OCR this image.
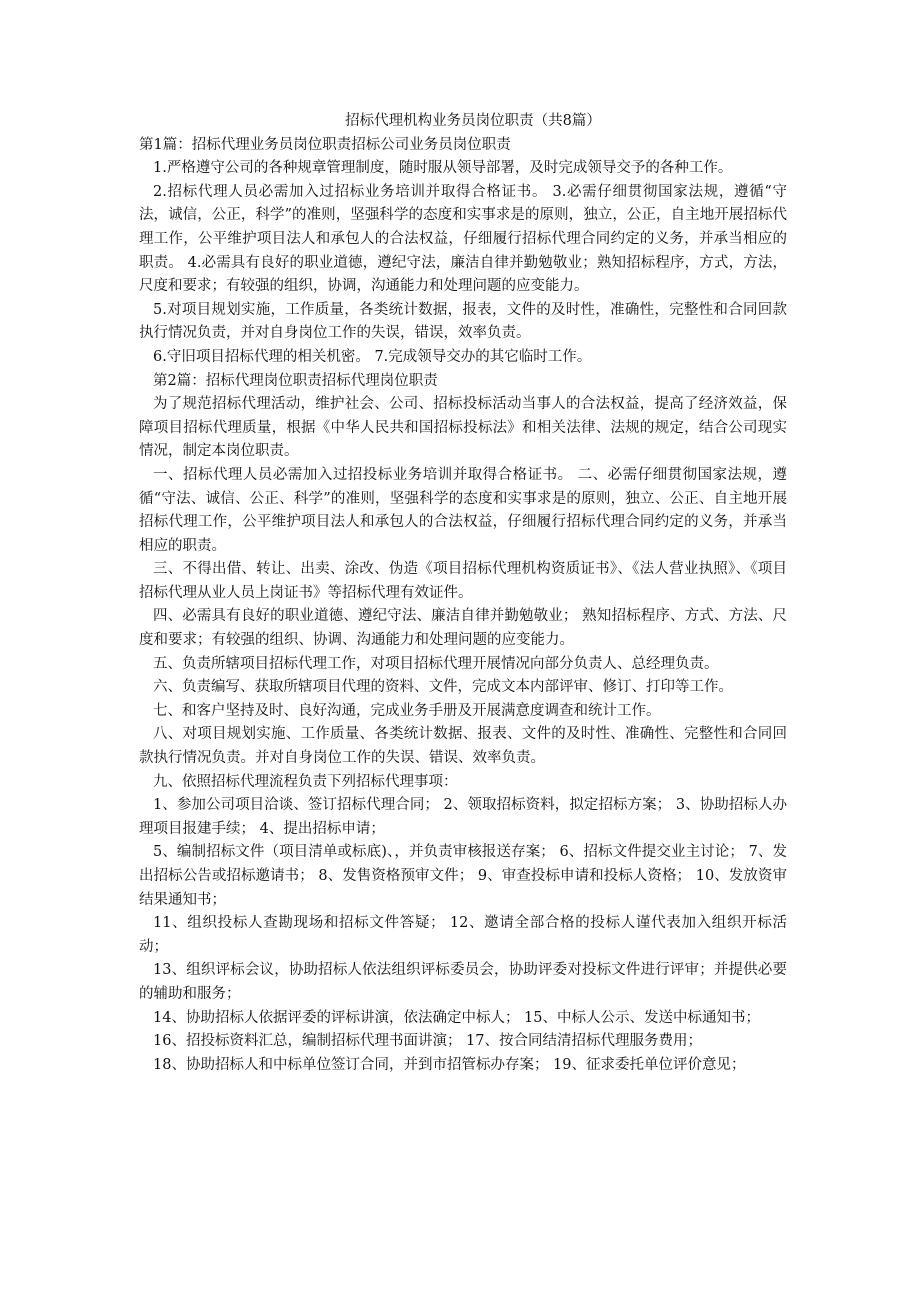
招标代理机构业务员岗位职责（共8篇）

第1篇：招标代理业务员岗位职责招标公司业务员岗位职责

1.严格遵守公司的各种规章管理制度，随时服从领导部署，及时完成领导交予的各种工作。

2.招标代理人员必需加入过招标业务培训并取得合格证书。 3.必需仔细贯彻国家法规，遵循“守法，诚信，公正，科学”的准则，坚强科学的态度和实事求是的原则，独立，公正，自主地开展招标代理工作，公平维护项目法人和承包人的合法权益，仔细履行招标代理合同约定的义务，并承当相应的职责。 4.必需具有良好的职业道德，遵纪守法，廉洁自律并勤勉敬业；熟知招标程序，方式，方法，尺度和要求；有较强的组织，协调，沟通能力和处理问题的应变能力。

5.对项目规划实施，工作质量，各类统计数据，报表，文件的及时性，准确性，完整性和合同回款执行情况负责，并对自身岗位工作的失误，错误，效率负责。

6.守旧项目招标代理的相关机密。 7.完成领导交办的其它临时工作。

第2篇：招标代理岗位职责招标代理岗位职责

为了规范招标代理活动，维护社会、公司、招标投标活动当事人的合法权益，提高了经济效益，保障项目招标代理质量，根据《中华人民共和国招标投标法》和相关法律、法规的规定，结合公司现实情况，制定本岗位职责。

一、招标代理人员必需加入过招投标业务培训并取得合格证书。 二、必需仔细贯彻国家法规，遵循“守法、诚信、公正、科学”的准则，坚强科学的态度和实事求是的原则，独立、公正、自主地开展招标代理工作，公平维护项目法人和承包人的合法权益，仔细履行招标代理合同约定的义务，并承当相应的职责。

三、不得出借、转让、出卖、涂改、伪造《项目招标代理机构资质证书》、《法人营业执照》、《项目招标代理从业人员上岗证书》等招标代理有效证件。

四、必需具有良好的职业道德、遵纪守法、廉洁自律并勤勉敬业； 熟知招标程序、方式、方法、尺度和要求；有较强的组织、协调、沟通能力和处理问题的应变能力。

五、负责所辖项目招标代理工作，对项目招标代理开展情况向部分负责人、总经理负责。

六、负责编写、获取所辖项目代理的资料、文件，完成文本内部评审、修订、打印等工作。

七、和客户坚持及时、良好沟通，完成业务手册及开展满意度调查和统计工作。

八、对项目规划实施、工作质量、各类统计数据、报表、文件的及时性、准确性、完整性和合同回款执行情况负责。并对自身岗位工作的失误、错误、效率负责。

九、依照招标代理流程负责下列招标代理事项：

1、参加公司项目洽谈、签订招标代理合同； 2、领取招标资料，拟定招标方案； 3、协助招标人办理项目报建手续； 4、提出招标申请；

5、编制招标文件（项目清单或标底)、，并负责审核报送存案； 6、招标文件提交业主讨论； 7、发出招标公告或招标邀请书； 8、发售资格预审文件； 9、审查投标申请和投标人资格； 10、发放资审结果通知书；

11、组织投标人查勘现场和招标文件答疑； 12、邀请全部合格的投标人谨代表加入组织开标活动；

13、组织评标会议，协助招标人依法组织评标委员会，协助评委对投标文件进行评审；并提供必要的辅助和服务；

14、协助招标人依据评委的评标讲演，依法确定中标人； 15、中标人公示、发送中标通知书；

16、招投标资料汇总，编制招标代理书面讲演； 17、按合同结清招标代理服务费用；

18、协助招标人和中标单位签订合同，并到市招管标办存案； 19、征求委托单位评价意见；
